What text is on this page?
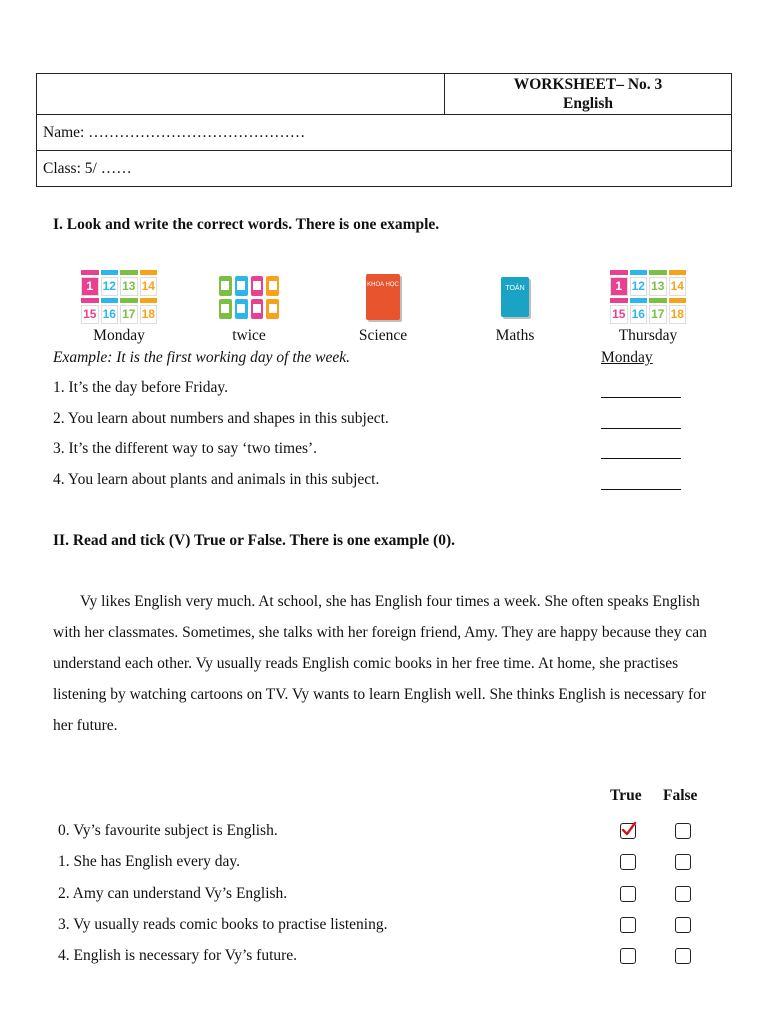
WORKSHEET– No. 3
English

Name: ……………………………………
Class: 5/ ……
I. Look and write the correct words. There is one example.
1 12 13 14
15 16 17 18
Monday	twice
KHOA HỌC
Science
TOÁN
Maths
1 12 13 14
15 16 17 18
Thursday
Example: It is the first working day of the week.	Monday
1. It’s the day before Friday.
2. You learn about numbers and shapes in this subject.
3. It’s the different way to say ‘two times’.
4. You learn about plants and animals in this subject.
II. Read and tick (V) True or False. There is one example (0).

Vy likes English very much. At school, she has English four times a week. She often speaks English with her classmates. Sometimes, she talks with her foreign friend, Amy. They are happy because they can understand each other. Vy usually reads English comic books in her free time. At home, she practises listening by watching cartoons on TV. Vy wants to learn English well. She thinks English is necessary for her future.

True False
0. Vy’s favourite subject is English.
1. She has English every day.
2. Amy can understand Vy’s English.
3. Vy usually reads comic books to practise listening.
4. English is necessary for Vy’s future.
